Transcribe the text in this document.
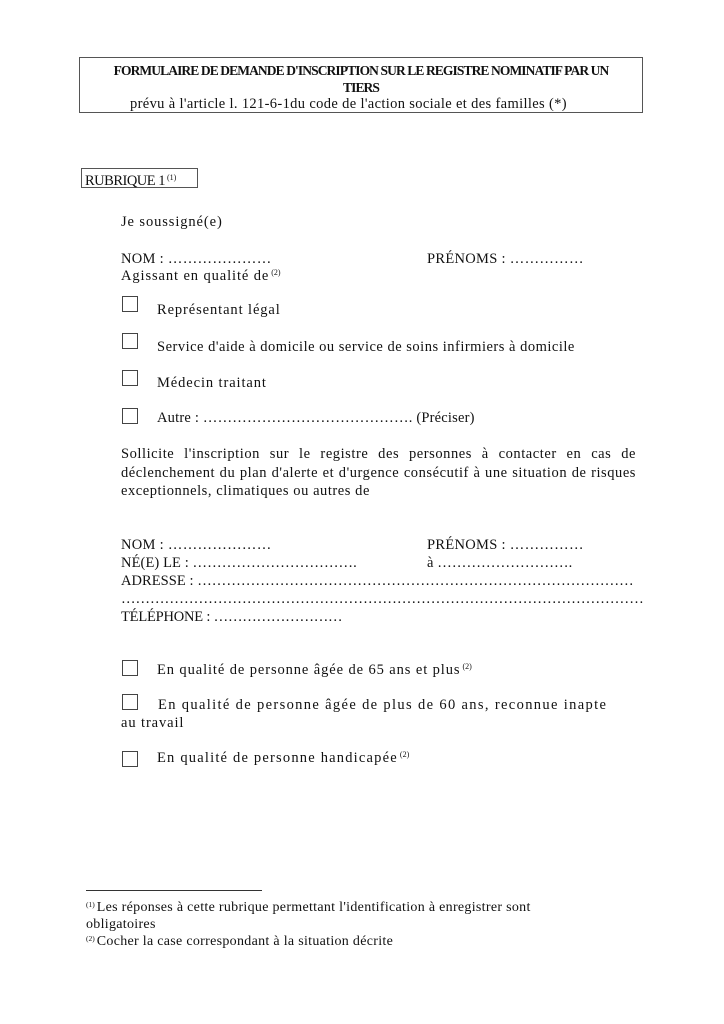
FORMULAIRE DE DEMANDE D'INSCRIPTION SUR LE REGISTRE NOMINATIF PAR UN
TIERS
prévu à l'article l. 121-6-1du code de l'action sociale et des familles (*)
RUBRIQUE 1 $^{(1)}$
Je soussigné(e)
NOM : …………………	PRÉNOMS : ……………
Agissant en qualité de $^{(2)}$
Représentant légal
Service d'aide à domicile ou service de soins infirmiers à domicile
Médecin traitant
Autre : ……………………………………. (Préciser)
Sollicite l'inscription sur le registre des personnes à contacter en cas de déclenchement du plan d'alerte et d'urgence consécutif à une situation de risques exceptionnels, climatiques ou autres de
NOM : …………………	PRÉNOMS : ……………
NÉ(E) LE : …………………………….	à ……………………….
ADRESSE : ………………………………………………………………………………
………………………………………………………………………………………………
TÉLÉPHONE : ………………………
En qualité de personne âgée de 65 ans et plus $^{(2)}$
En qualité de personne âgée de plus de 60 ans, reconnue inapte
au travail
En qualité de personne handicapée $^{(2)}$
$^{(1)}$ Les réponses à cette rubrique permettant l'identification à enregistrer sont
obligatoires
$^{(2)}$ Cocher la case correspondant à la situation décrite
